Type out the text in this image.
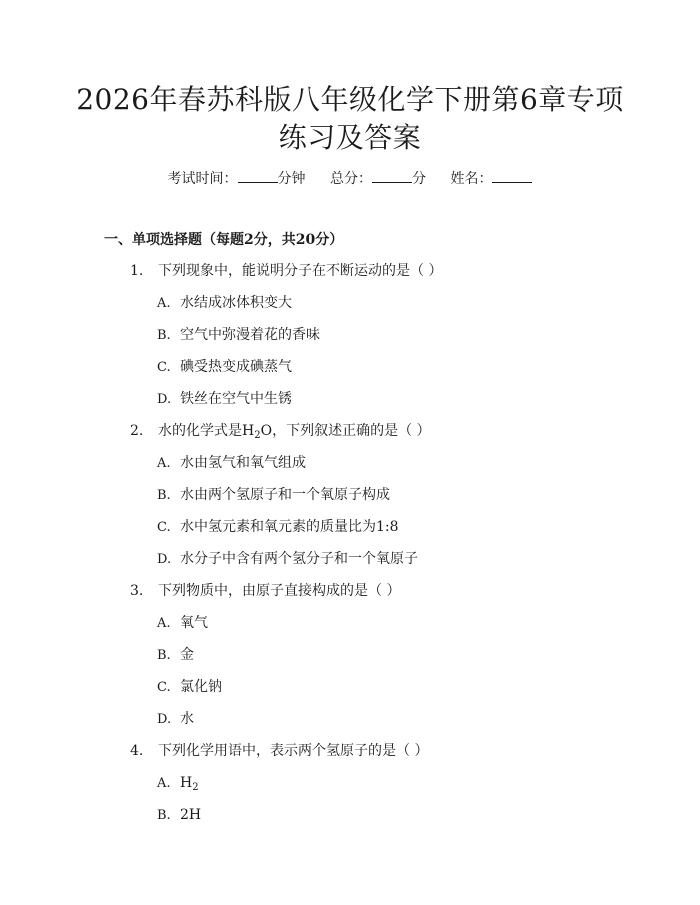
2026年春苏科版八年级化学下册第6章专项
练习及答案
考试时间：	分钟 总分：	分 姓名：
一、单项选择题（每题2分，共20分）
1. 下列现象中，能说明分子在不断运动的是（ ）
A. 水结成冰体积变大
B. 空气中弥漫着花的香味
C. 碘受热变成碘蒸气
D. 铁丝在空气中生锈
2. 水的化学式是$H_2O$，下列叙述正确的是（ ）
A. 水由氢气和氧气组成
B. 水由两个氢原子和一个氧原子构成
C. 水中氢元素和氧元素的质量比为1:8
D. 水分子中含有两个氢分子和一个氧原子
3. 下列物质中，由原子直接构成的是（ ）
A. 氧气
B. 金
C. 氯化钠
D. 水
4. 下列化学用语中，表示两个氢原子的是（ ）
A. $H_2$
B. 2H
